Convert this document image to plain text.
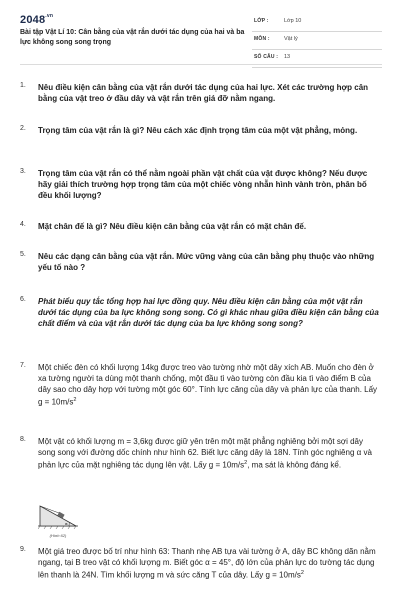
$2048^{.vn}$
Bài tập Vật Lí 10: Cân bằng của vật rắn dưới tác dụng của hai và ba lực không song song trọng
LỚP :	Lớp 10
MÔN :	Vật lý
SỐ CÂU : 13
1.	Nêu điều kiện cân bằng của vật rắn dưới tác dụng của hai lực. Xét các trường hợp cân bằng của vật treo ở đầu dây và vật rắn trên giá đỡ nằm ngang.
2.	Trọng tâm của vật rắn là gì? Nêu cách xác định trọng tâm của một vật phẳng, mỏng.
3.	Trọng tâm của vật rắn có thể nằm ngoài phần vật chất của vật được không? Nếu được hãy giải thích trường hợp trọng tâm của một chiếc vòng nhẫn hình vành tròn, phân bố đều khối lượng?
4.	Mặt chân đế là gì? Nêu điều kiện cân bằng của vật rắn có mặt chân đế.
5.	Nêu các dạng cân bằng của vật rắn. Mức vững vàng của cân bằng phụ thuộc vào những yếu tố nào ?
6.	Phát biểu quy tắc tổng hợp hai lực đồng quy. Nêu điều kiện cân bằng của một vật rắn dưới tác dụng của ba lực không song song. Có gì khác nhau giữa điều kiện cân bằng của chất điểm và của vật rắn dưới tác dụng của ba lực không song song?
7.	Một chiếc đèn có khối lượng 14kg được treo vào tường nhờ một dây xích AB. Muốn cho đèn ở xa tường người ta dùng một thanh chống, một đầu tì vào tường còn đầu kia tì vào điểm B của dây sao cho dây hợp với tường một góc 60°. Tính lực căng của dây và phản lực của thanh. Lấy $g = 10m/s^2$
8.	Một vật có khối lượng m = 3,6kg được giữ yên trên một mặt phẳng nghiêng bởi một sợi dây song song với đường dốc chính như hình 62. Biết lực căng dây là 18N. Tính góc nghiêng α và phản lực của mặt nghiêng tác dụng lên vật. Lấy $g = 10m/s^2$, ma sát là không đáng kể.
α
(Hình 62)
9.	Một giá treo được bố trí như hình 63: Thanh nhẹ AB tựa vài tường ở A, dây BC không dãn nằm ngang, tại B treo vật có khối lượng m. Biết góc α = 45°, độ lớn của phản lực do tường tác dụng lên thanh là 24N. Tìm khối lượng m và sức căng T của dây. Lấy $g = 10m/s^2$
